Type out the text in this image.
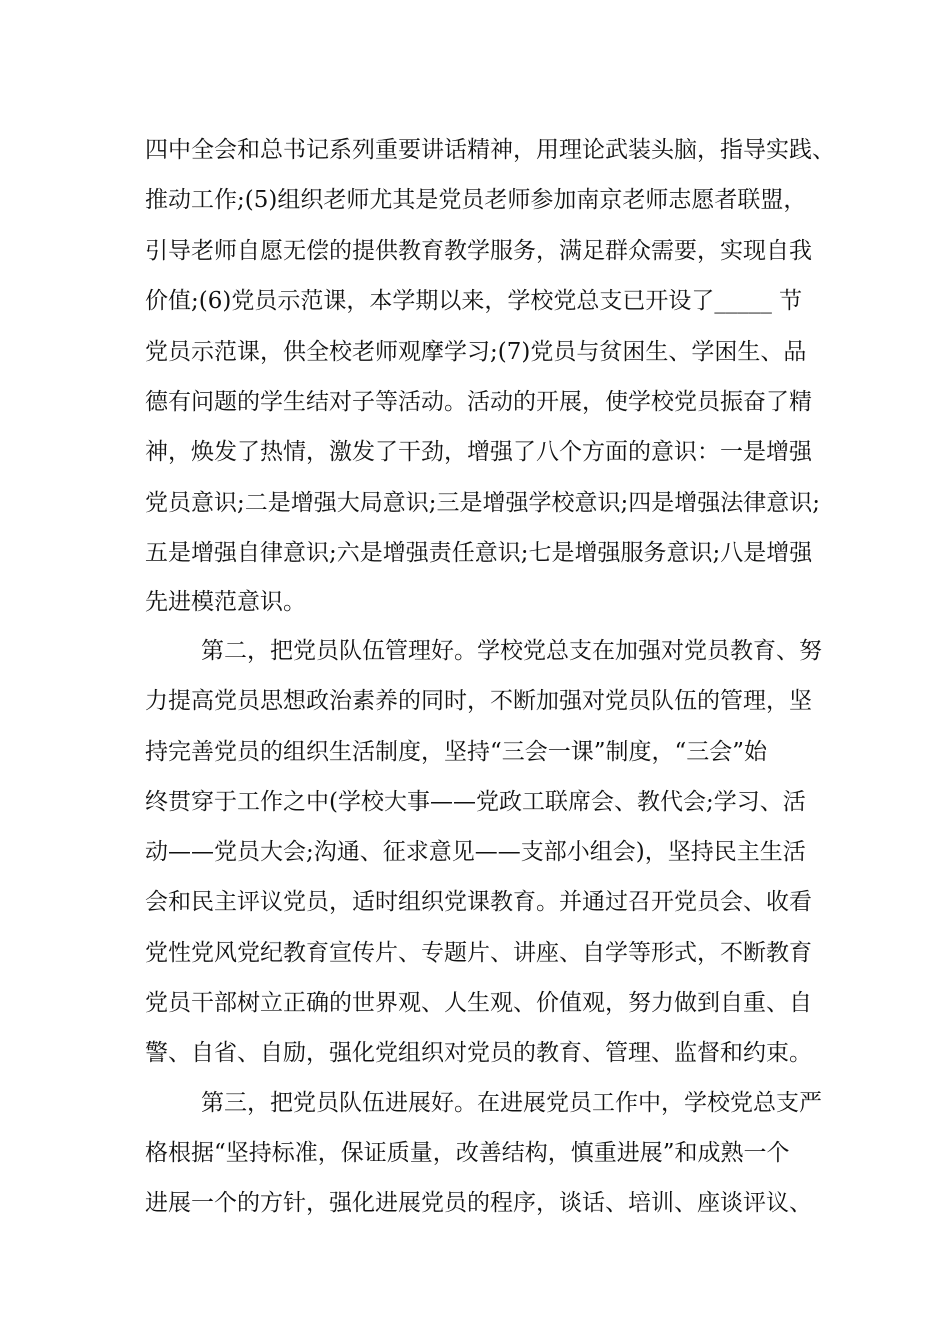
四中全会和总书记系列重要讲话精神，用理论武装头脑，指导实践、
推动工作;(5)组织老师尤其是党员老师参加南京老师志愿者联盟，
引导老师自愿无偿的提供教育教学服务，满足群众需要，实现自我
价值;(6)党员示范课，本学期以来，学校党总支已开设了_____ 节
党员示范课，供全校老师观摩学习;(7)党员与贫困生、学困生、品
德有问题的学生结对子等活动。活动的开展，使学校党员振奋了精
神，焕发了热情，激发了干劲，增强了八个方面的意识：一是增强
党员意识;二是增强大局意识;三是增强学校意识;四是增强法律意识;
五是增强自律意识;六是增强责任意识;七是增强服务意识;八是增强
先进模范意识。
第二，把党员队伍管理好。学校党总支在加强对党员教育、努
力提高党员思想政治素养的同时，不断加强对党员队伍的管理，坚
持完善党员的组织生活制度，坚持“三会一课”制度，“三会”始
终贯穿于工作之中(学校大事——党政工联席会、教代会;学习、活
动——党员大会;沟通、征求意见——支部小组会)，坚持民主生活
会和民主评议党员，适时组织党课教育。并通过召开党员会、收看
党性党风党纪教育宣传片、专题片、讲座、自学等形式，不断教育
党员干部树立正确的世界观、人生观、价值观，努力做到自重、自
警、自省、自励，强化党组织对党员的教育、管理、监督和约束。
第三，把党员队伍进展好。在进展党员工作中，学校党总支严
格根据“坚持标准，保证质量，改善结构，慎重进展”和成熟一个
进展一个的方针，强化进展党员的程序，谈话、培训、座谈评议、
